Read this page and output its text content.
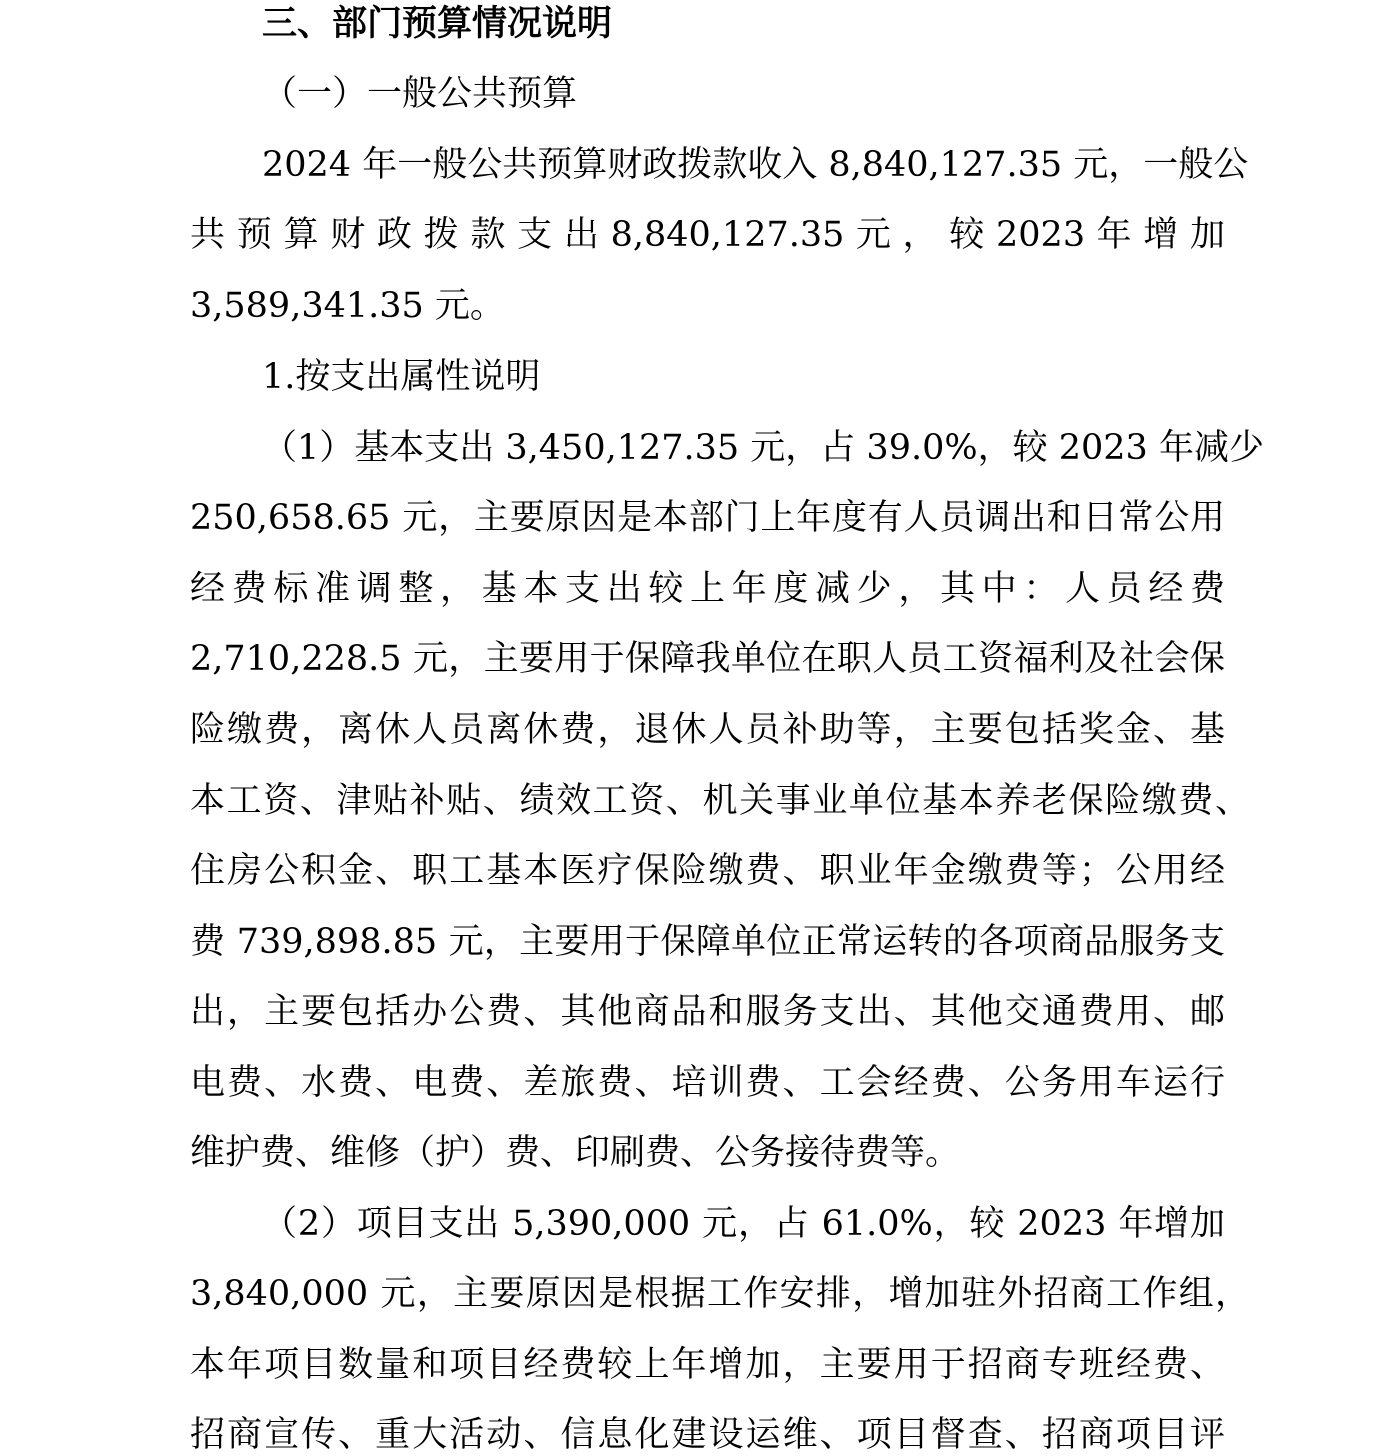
三、部门预算情况说明
（一）一般公共预算
2024 年一般公共预算财政拨款收入 8,840,127.35 元，一般公
共 预 算 财 政 拨 款 支 出 8,840,127.35 元 ， 较 2023 年 增 加
3,589,341.35 元。
1.按支出属性说明
（1）基本支出 3,450,127.35 元，占 39.0%，较 2023 年减少
250,658.65 元，主要原因是本部门上年度有人员调出和日常公用
经费标准调整，基本支出较上年度减少，其中：人员经费
2,710,228.5 元，主要用于保障我单位在职人员工资福利及社会保
险缴费，离休人员离休费，退休人员补助等，主要包括奖金、基
本工资、津贴补贴、绩效工资、机关事业单位基本养老保险缴费、
住房公积金、职工基本医疗保险缴费、职业年金缴费等；公用经
费 739,898.85 元，主要用于保障单位正常运转的各项商品服务支
出，主要包括办公费、其他商品和服务支出、其他交通费用、邮
电费、水费、电费、差旅费、培训费、工会经费、公务用车运行
维护费、维修（护）费、印刷费、公务接待费等。
（2）项目支出 5,390,000 元，占 61.0%，较 2023 年增加
3,840,000 元，主要原因是根据工作安排，增加驻外招商工作组，
本年项目数量和项目经费较上年增加，主要用于招商专班经费、
招商宣传、重大活动、信息化建设运维、项目督查、招商项目评
